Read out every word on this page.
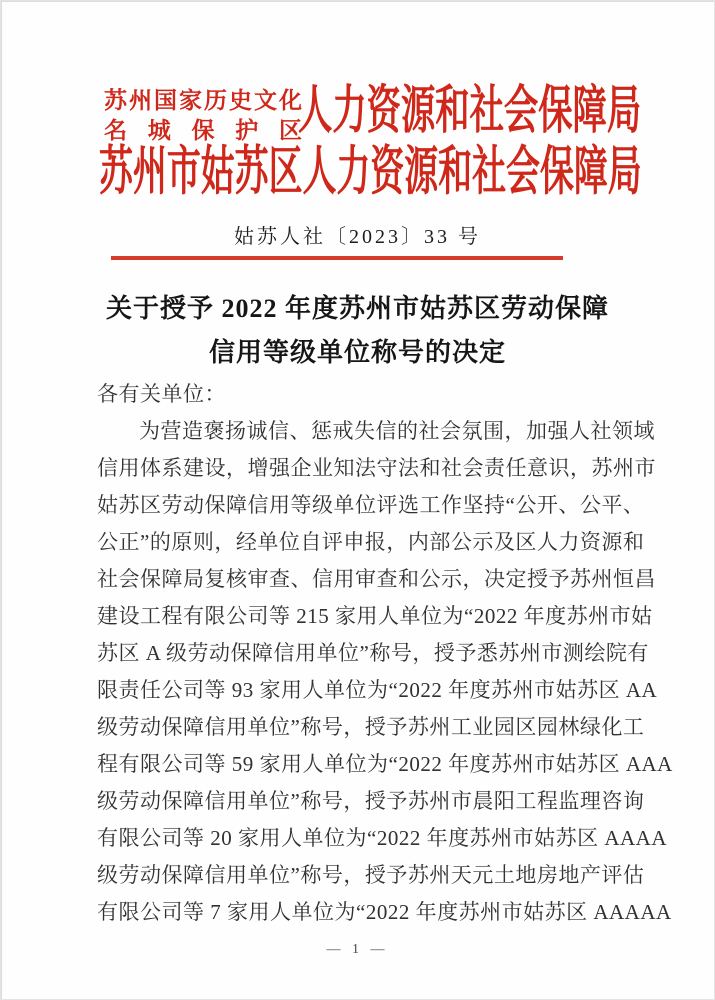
苏州国家历史文化
名城保护区
人力资源和社会保障局
苏州市姑苏区人力资源和社会保障局
姑苏人社〔2023〕33 号
关于授予 2022 年度苏州市姑苏区劳动保障
信用等级单位称号的决定
各有关单位：
为营造褒扬诚信、惩戒失信的社会氛围，加强人社领域
信用体系建设，增强企业知法守法和社会责任意识，苏州市
姑苏区劳动保障信用等级单位评选工作坚持“公开、公平、
公正”的原则，经单位自评申报，内部公示及区人力资源和
社会保障局复核审查、信用审查和公示，决定授予苏州恒昌
建设工程有限公司等 215 家用人单位为“2022 年度苏州市姑
苏区 A 级劳动保障信用单位”称号，授予悉苏州市测绘院有
限责任公司等 93 家用人单位为“2022 年度苏州市姑苏区 AA
级劳动保障信用单位”称号，授予苏州工业园区园林绿化工
程有限公司等 59 家用人单位为“2022 年度苏州市姑苏区 AAA
级劳动保障信用单位”称号，授予苏州市晨阳工程监理咨询
有限公司等 20 家用人单位为“2022 年度苏州市姑苏区 AAAA
级劳动保障信用单位”称号，授予苏州天元土地房地产评估
有限公司等 7 家用人单位为“2022 年度苏州市姑苏区 AAAAA
— 1 —
